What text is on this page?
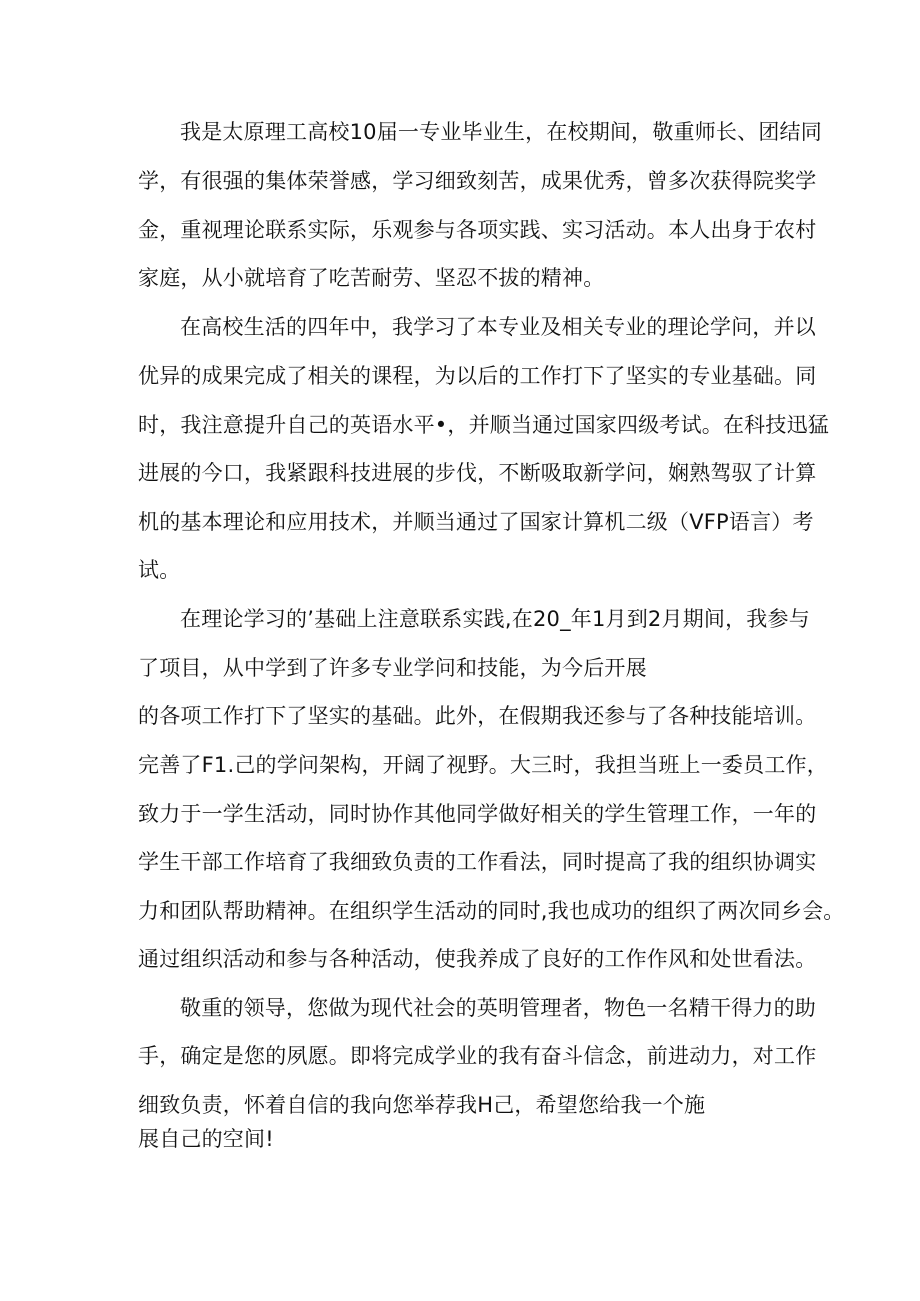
我是太原理工高校10届一专业毕业生，在校期间，敬重师长、团结同
学，有很强的集体荣誉感，学习细致刻苦，成果优秀，曾多次获得院奖学
金，重视理论联系实际，乐观参与各项实践、实习活动。本人出身于农村
家庭，从小就培育了吃苦耐劳、坚忍不拔的精神。
在高校生活的四年中，我学习了本专业及相关专业的理论学问，并以
优异的成果完成了相关的课程，为以后的工作打下了坚实的专业基础。同
时，我注意提升自己的英语水平•，并顺当通过国家四级考试。在科技迅猛
进展的今口，我紧跟科技进展的步伐，不断吸取新学问，娴熟驾驭了计算
机的基本理论和应用技术，并顺当通过了国家计算机二级（VFP语言）考
试。
在理论学习的’基础上注意联系实践,在20_年1月到2月期间，我参与
了项目，从中学到了许多专业学问和技能，为今后开展
的各项工作打下了坚实的基础。此外，在假期我还参与了各种技能培训。
完善了F1.己的学问架构，开阔了视野。大三时，我担当班上一委员工作，
致力于一学生活动，同时协作其他同学做好相关的学生管理工作，一年的
学生干部工作培育了我细致负责的工作看法，同时提高了我的组织协调实
力和团队帮助精神。在组织学生活动的同时,我也成功的组织了两次同乡会。
通过组织活动和参与各种活动，使我养成了良好的工作作风和处世看法。
敬重的领导，您做为现代社会的英明管理者，物色一名精干得力的助
手，确定是您的夙愿。即将完成学业的我有奋斗信念，前进动力，对工作
细致负责，怀着自信的我向您举荐我H己，希望您给我一个施
展自己的空间!
